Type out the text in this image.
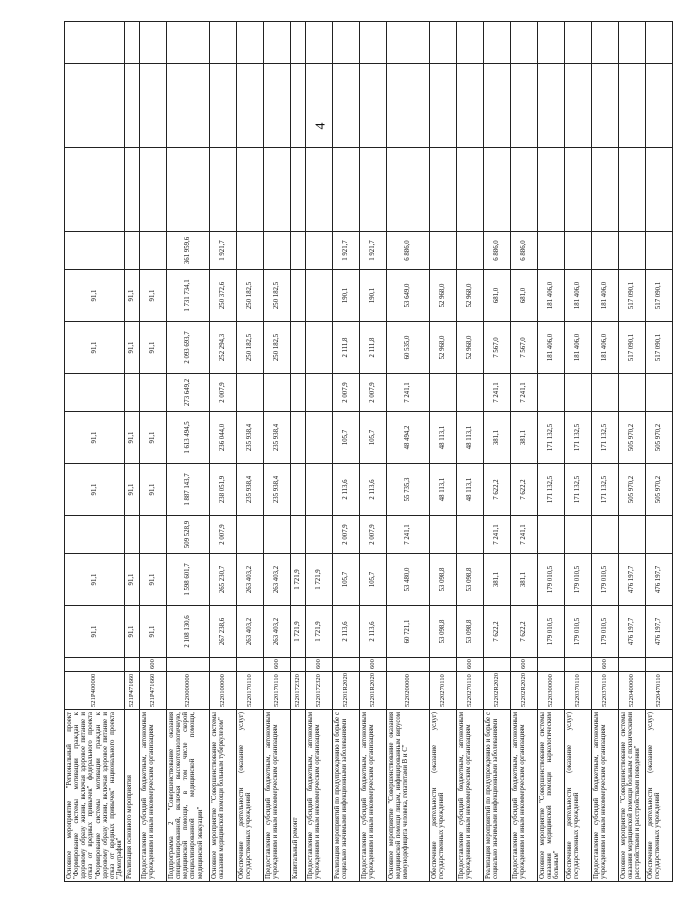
4
Основное мероприятие "Региональный проект "Формирование системы мотивации граждан к здоровому образу жизни, включая здоровое питание и отказ от вредных привычек" федерального проекта "Формирование системы мотивации граждан к здоровому образу жизни, включая здоровое питание и отказ от вредных привычек" национального проекта "Демография"	521P400000		91,1	91,1		91,1	91,1		91,1	91,1				
Реализация основного мероприятия	521P471660		91,1	91,1		91,1	91,1		91,1	91,1				
Предоставление субсидий бюджетным, автономным учреждениям и иным некоммерческим организациям	521P471660	600	91,1	91,1		91,1	91,1		91,1	91,1				
Подпрограмма 2 "Совершенствование оказания специализированной, включая высокотехнологичную, медицинской помощи, в том числе скорой специализированной медицинской помощи, медицинской эвакуации"	5220000000		2 108 130,6	1 598 601,7	509 528,9	1 887 143,7	1 613 494,5	273 649,2	2 093 693,7	1 731 734,1	361 959,6			
Основное мероприятие "Совершенствование системы оказания медицинской помощи больным туберкулезом"	5220100000		267 238,6	265 230,7	2 007,9	238 051,9	236 044,0	2 007,9	252 294,3	250 372,6	1 921,7			
Обеспечение деятельности (оказание услуг) государственных учреждений	5220170110		263 403,2	263 403,2		235 938,4	235 938,4		250 182,5	250 182,5				
Предоставление субсидий бюджетным, автономным учреждениям и иным некоммерческим организациям	5220170110	600	263 403,2	263 403,2		235 938,4	235 938,4		250 182,5	250 182,5				
Капитальный ремонт	5220172320		1 721,9	1 721,9										
Предоставление субсидий бюджетным, автономным учреждениям и иным некоммерческим организациям	5220172320	600	1 721,9	1 721,9										
Реализация мероприятий по предупреждению и борьбе с социально значимыми инфекционными заболеваниями	52201R2020		2 113,6	105,7	2 007,9	2 113,6	105,7	2 007,9	2 111,8	190,1	1 921,7			
Предоставление субсидий бюджетным, автономным учреждениям и иным некоммерческим организациям	52201R2020	600	2 113,6	105,7	2 007,9	2 113,6	105,7	2 007,9	2 111,8	190,1	1 921,7			
Основное мероприятие "Совершенствование оказания медицинской помощи лицам, инфицированным вирусом иммунодефицита человека, гепатитами B и C"	5220200000		60 721,1	53 480,0	7 241,1	55 735,3	48 494,2	7 241,1	60 535,0	53 649,0	6 886,0			
Обеспечение деятельности (оказание услуг) государственных учреждений	5220270110		53 098,8	53 098,8		48 113,1	48 113,1		52 968,0	52 968,0				
Предоставление субсидий бюджетным, автономным учреждениям и иным некоммерческим организациям	5220270110	600	53 098,8	53 098,8		48 113,1	48 113,1		52 968,0	52 968,0				
Реализация мероприятий по предупреждению и борьбе с социально значимыми инфекционными заболеваниями	52202R2020		7 622,2	381,1	7 241,1	7 622,2	381,1	7 241,1	7 567,0	681,0	6 886,0			
Предоставление субсидий бюджетным, автономным учреждениям и иным некоммерческим организациям	52202R2020	600	7 622,2	381,1	7 241,1	7 622,2	381,1	7 241,1	7 567,0	681,0	6 886,0			
Основное мероприятие "Совершенствование системы оказания медицинской помощи наркологическим больным"	5220300000		179 010,5	179 010,5		171 132,5	171 132,5		181 406,0	181 406,0				
Обеспечение деятельности (оказание услуг) государственных учреждений	5220370110		179 010,5	179 010,5		171 132,5	171 132,5		181 406,0	181 406,0				
Предоставление субсидий бюджетным, автономным учреждениям и иным некоммерческим организациям	5220370110	600	179 010,5	179 010,5		171 132,5	171 132,5		181 406,0	181 406,0				
Основное мероприятие "Совершенствование системы оказания медицинской помощи больным с психическими расстройствами и расстройствами поведения"	5220400000		476 197,7	476 197,7		505 970,2	505 970,2		517 090,1	517 090,1				
Обеспечение деятельности (оказание услуг) государственных учреждений	5220470110		476 197,7	476 197,7		505 970,2	505 970,2		517 090,1	517 090,1				
